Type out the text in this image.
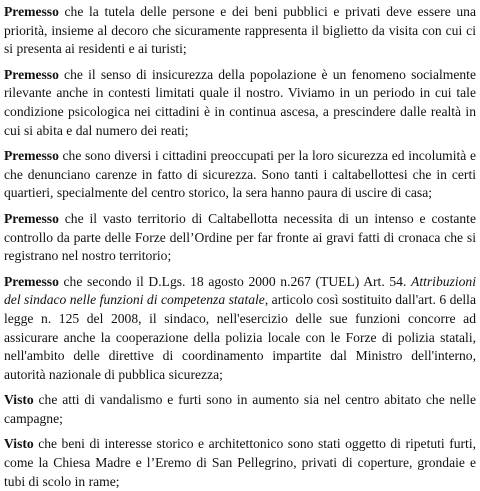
Premesso che la tutela delle persone e dei beni pubblici e privati deve essere una priorità, insieme al decoro che sicuramente rappresenta il biglietto da visita con cui ci si presenta ai residenti e ai turisti;

Premesso che il senso di insicurezza della popolazione è un fenomeno socialmente rilevante anche in contesti limitati quale il nostro. Viviamo in un periodo in cui tale condizione psicologica nei cittadini è in continua ascesa, a prescindere dalle realtà in cui si abita e dal numero dei reati;

Premesso che sono diversi i cittadini preoccupati per la loro sicurezza ed incolumità e che denunciano carenze in fatto di sicurezza. Sono tanti i caltabellottesi che in certi quartieri, specialmente del centro storico, la sera hanno paura di uscire di casa;

Premesso che il vasto territorio di Caltabellotta necessita di un intenso e costante controllo da parte delle Forze dell’Ordine per far fronte ai gravi fatti di cronaca che si registrano nel nostro territorio;

Premesso che secondo il D.Lgs. 18 agosto 2000 n.267 (TUEL) Art. 54. Attribuzioni del sindaco nelle funzioni di competenza statale, articolo così sostituito dall'art. 6 della legge n. 125 del 2008, il sindaco, nell'esercizio delle sue funzioni concorre ad assicurare anche la cooperazione della polizia locale con le Forze di polizia statali, nell'ambito delle direttive di coordinamento impartite dal Ministro dell'interno, autorità nazionale di pubblica sicurezza;

Visto che atti di vandalismo e furti sono in aumento sia nel centro abitato che nelle campagne;

Visto che beni di interesse storico e architettonico sono stati oggetto di ripetuti furti, come la Chiesa Madre e l’Eremo di San Pellegrino, privati di coperture, grondaie e tubi di scolo in rame;
